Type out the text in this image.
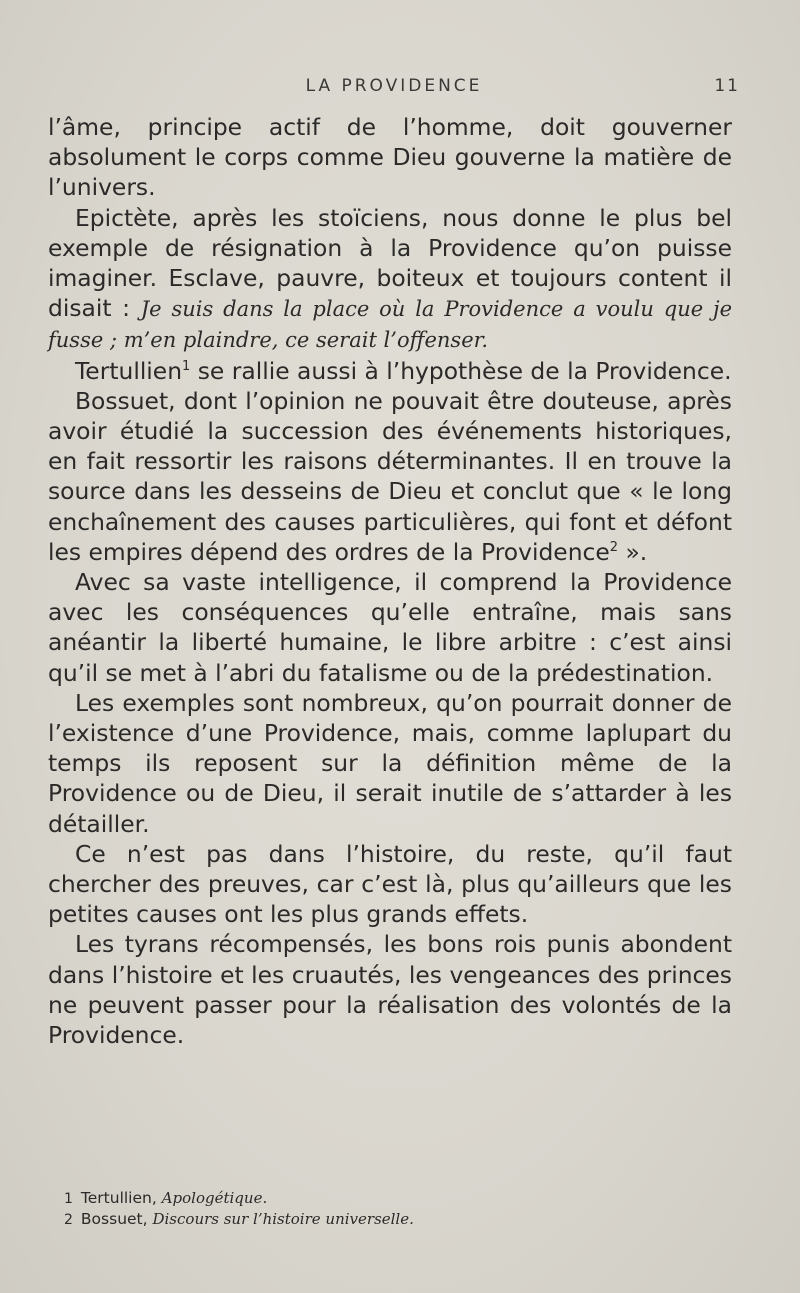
LA PROVIDENCE	11

l’âme, principe actif de l’homme, doit gouverner absolument le corps comme Dieu gouverne la matière de l’univers.

Epictète, après les stoïciens, nous donne le plus bel exemple de résignation à la Providence qu’on puisse imaginer. Esclave, pauvre, boiteux et toujours content il disait : Je suis dans la place où la Providence a voulu que je fusse ; m’en plaindre, ce serait l’offenser.

Tertullien$^1$ se rallie aussi à l’hypothèse de la Providence.

Bossuet, dont l’opinion ne pouvait être douteuse, après avoir étudié la succession des événements historiques, en fait ressortir les raisons déterminantes. Il en trouve la source dans les desseins de Dieu et conclut que « le long enchaînement des causes particulières, qui font et défont les empires dépend des ordres de la Providence$^2$ ».

Avec sa vaste intelligence, il comprend la Providence avec les conséquences qu’elle entraîne, mais sans anéantir la liberté humaine, le libre arbitre : c’est ainsi qu’il se met à l’abri du fatalisme ou de la prédestination.

Les exemples sont nombreux, qu’on pourrait donner de l’existence d’une Providence, mais, comme laplupart du temps ils reposent sur la définition même de la Providence ou de Dieu, il serait inutile de s’attarder à les détailler.

Ce n’est pas dans l’histoire, du reste, qu’il faut chercher des preuves, car c’est là, plus qu’ailleurs que les petites causes ont les plus grands effets.

Les tyrans récompensés, les bons rois punis abondent dans l’histoire et les cruautés, les vengeances des princes ne peuvent passer pour la réalisation des volontés de la Providence.

1 Tertullien, Apologétique.
2 Bossuet, Discours sur l’histoire universelle.
